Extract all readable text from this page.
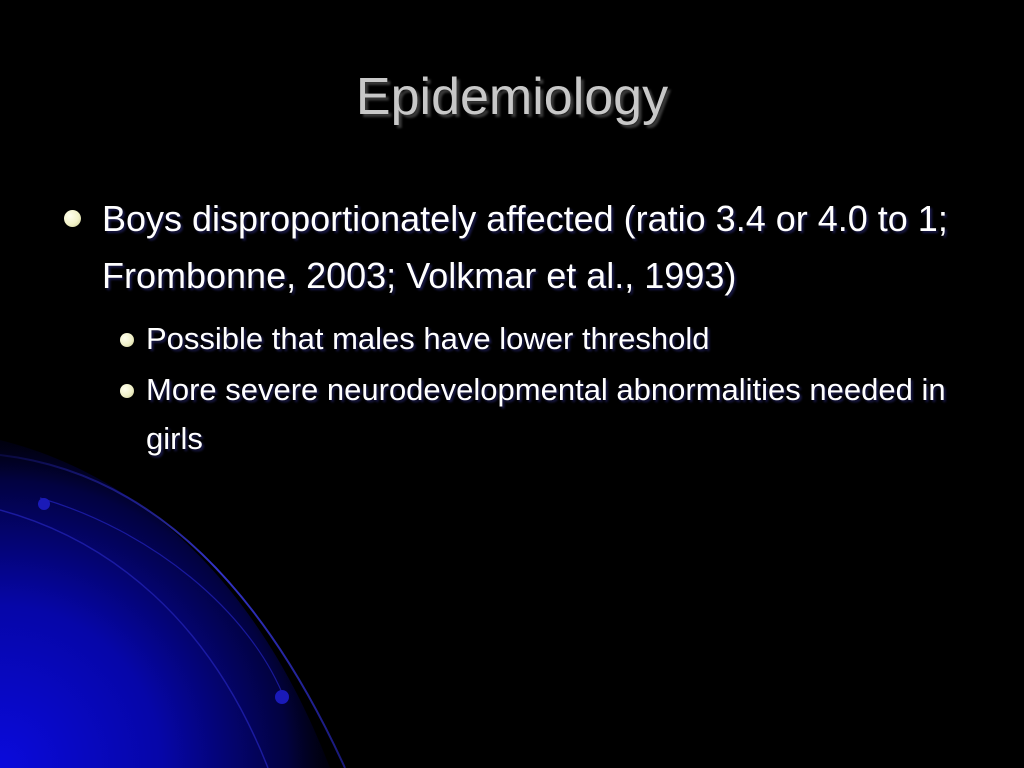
Epidemiology
Boys disproportionately affected (ratio 3.4 or 4.0 to 1; Frombonne, 2003; Volkmar et al., 1993)
Possible that males have lower threshold
More severe neurodevelopmental abnormalities needed in girls
